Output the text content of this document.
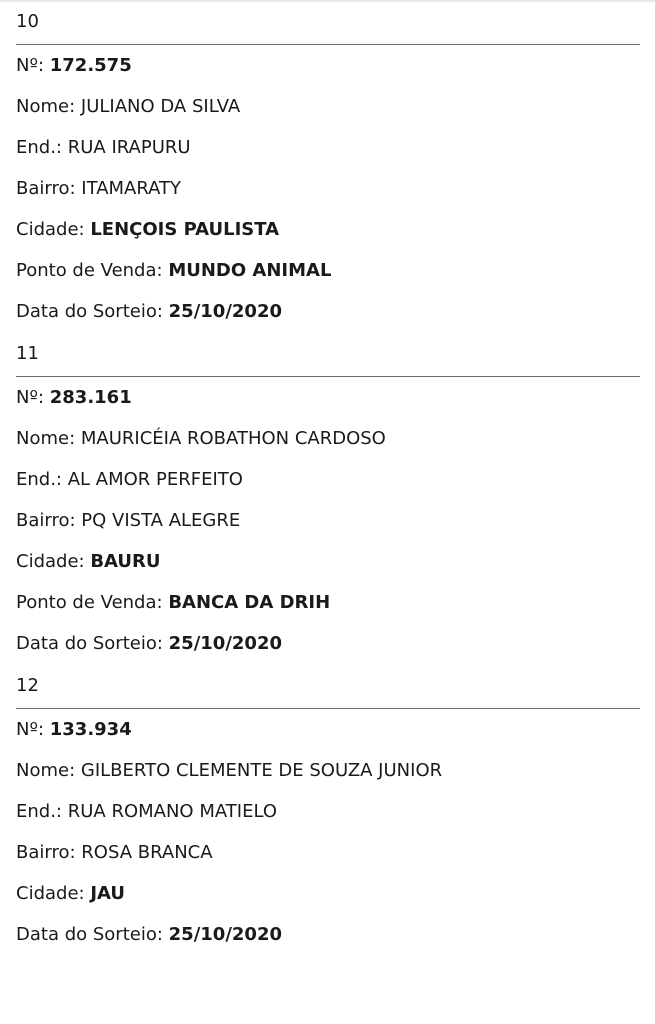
10
Nº: 172.575
Nome: JULIANO DA SILVA
End.: RUA IRAPURU
Bairro: ITAMARATY
Cidade: LENÇOIS PAULISTA
Ponto de Venda: MUNDO ANIMAL
Data do Sorteio: 25/10/2020
11
Nº: 283.161
Nome: MAURICÉIA ROBATHON CARDOSO
End.: AL AMOR PERFEITO
Bairro: PQ VISTA ALEGRE
Cidade: BAURU
Ponto de Venda: BANCA DA DRIH
Data do Sorteio: 25/10/2020
12
Nº: 133.934
Nome: GILBERTO CLEMENTE DE SOUZA JUNIOR
End.: RUA ROMANO MATIELO
Bairro: ROSA BRANCA
Cidade: JAU
Data do Sorteio: 25/10/2020
